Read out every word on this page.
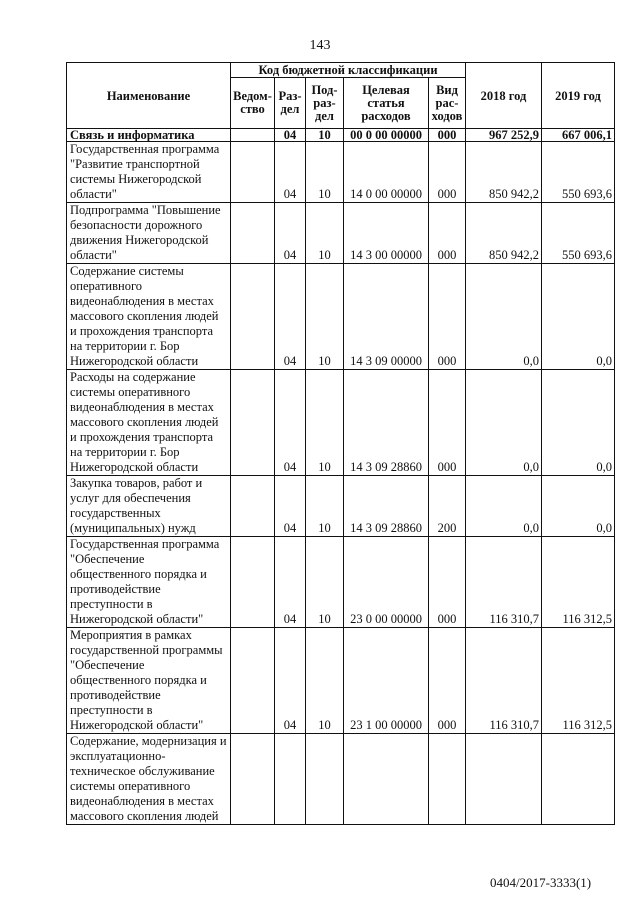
143
Наименование	Код бюджетной классификации					2018 год	2019 год
	Ведом-ство	Раз-дел	Под-раз-дел	Целевая статья расходов	Вид рас-ходов		
Связь и информатика		04	10	00 0 00 00000	000	967 252,9	667 006,1
Государственная программа "Развитие транспортной системы Нижегородской области"		04	10	14 0 00 00000	000	850 942,2	550 693,6
Подпрограмма "Повышение безопасности дорожного движения Нижегородской области"		04	10	14 3 00 00000	000	850 942,2	550 693,6
Содержание системы оперативного видеонаблюдения в местах массового скопления людей и прохождения транспорта на территории г. Бор Нижегородской области		04	10	14 3 09 00000	000	0,0	0,0
Расходы на содержание системы оперативного видеонаблюдения в местах массового скопления людей и прохождения транспорта на территории г. Бор Нижегородской области		04	10	14 3 09 28860	000	0,0	0,0
Закупка товаров, работ и услуг для обеспечения государственных (муниципальных) нужд		04	10	14 3 09 28860	200	0,0	0,0
Государственная программа "Обеспечение общественного порядка и противодействие преступности в Нижегородской области"		04	10	23 0 00 00000	000	116 310,7	116 312,5
Мероприятия в рамках государственной программы "Обеспечение общественного порядка и противодействие преступности в Нижегородской области"		04	10	23 1 00 00000	000	116 310,7	116 312,5
Содержание, модернизация и эксплуатационно-техническое обслуживание системы оперативного видеонаблюдения в местах массового скопления людей							
0404/2017-3333(1)
